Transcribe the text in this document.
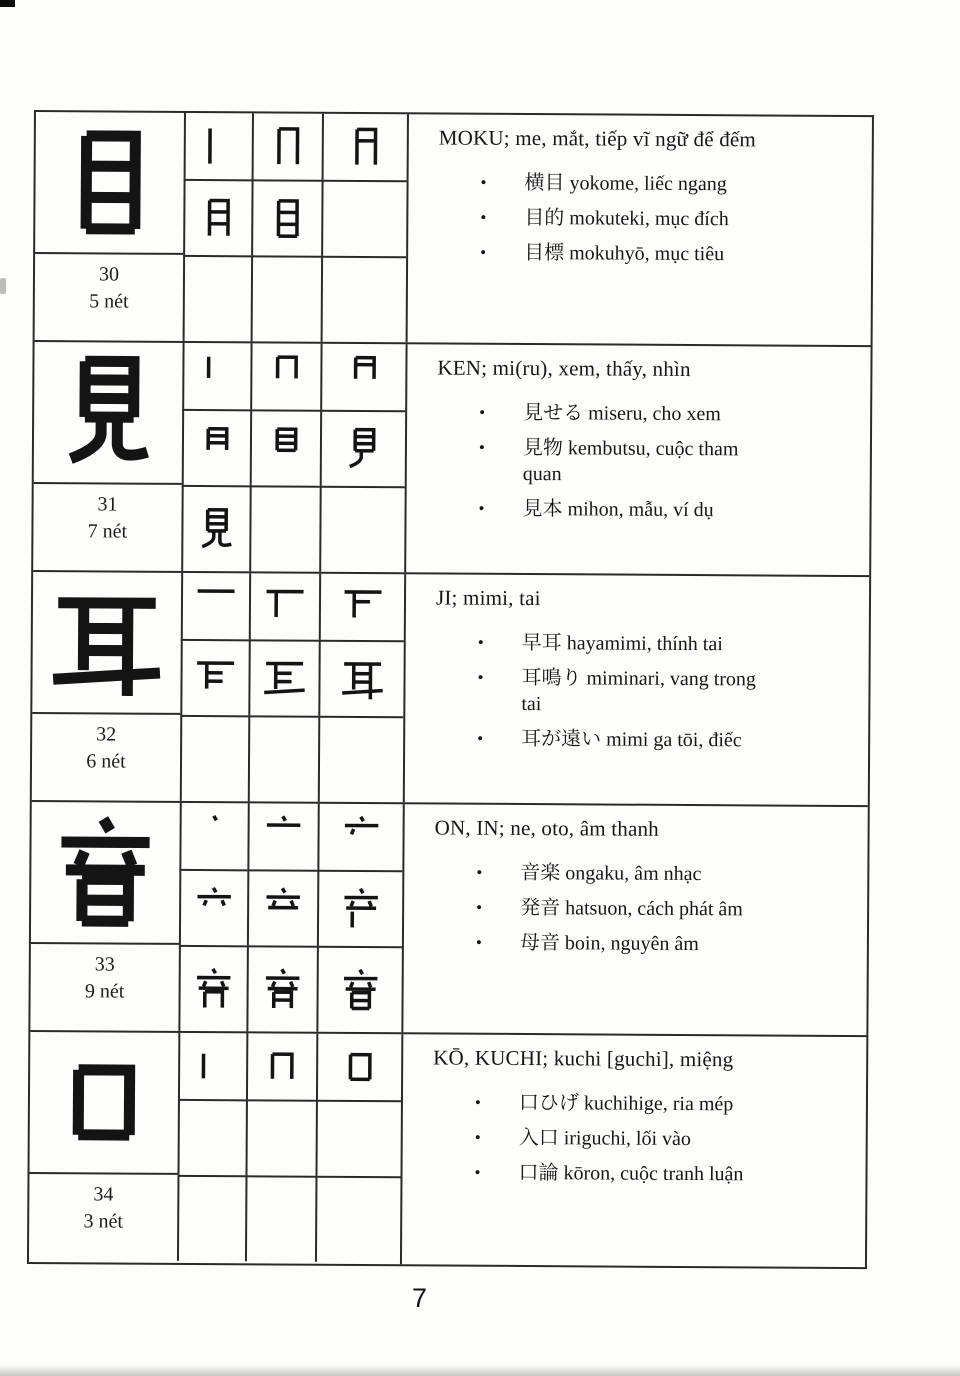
30
5 nét
MOKU; me, mắt, tiếp vĩ ngữ để đếm
•	横目 yokome, liếc ngang
•	目的 mokuteki, mục đích
•	目標 mokuhyō, mục tiêu
31
7 nét
KEN; mi(ru), xem, thấy, nhìn
•	見せる miseru, cho xem
•	見物 kembutsu, cuộc tham
quan
•	見本 mihon, mẫu, ví dụ
32
6 nét
JI; mimi, tai
•	早耳 hayamimi, thính tai
•	耳鳴り miminari, vang trong
tai
•	耳が遠い mimi ga tōi, điếc
33
9 nét
ON, IN; ne, oto, âm thanh
•	音楽 ongaku, âm nhạc
•	発音 hatsuon, cách phát âm
•	母音 boin, nguyên âm
34
3 nét
KŌ, KUCHI; kuchi [guchi], miệng
•	口ひげ kuchihige, ria mép
•	入口 iriguchi, lối vào
•	口論 kōron, cuộc tranh luận
7
